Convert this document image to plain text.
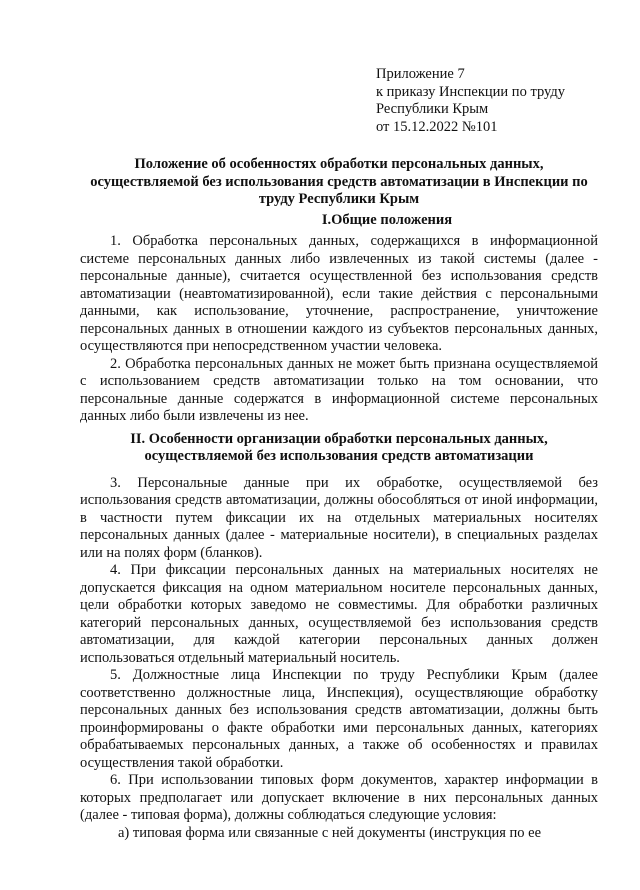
Приложение 7
к приказу Инспекции по труду
Республики Крым
от 15.12.2022 №101
Положение об особенностях обработки персональных данных, осуществляемой без использования средств автоматизации в Инспекции по труду Республики Крым
I.Общие положения

1. Обработка персональных данных, содержащихся в информационной системе персональных данных либо извлеченных из такой системы (далее - персональные данные), считается осуществленной без использования средств автоматизации (неавтоматизированной), если такие действия с персональными данными, как использование, уточнение, распространение, уничтожение персональных данных в отношении каждого из субъектов персональных данных, осуществляются при непосредственном участии человека.

2. Обработка персональных данных не может быть признана осуществляемой с использованием средств автоматизации только на том основании, что персональные данные содержатся в информационной системе персональных данных либо были извлечены из нее.

II. Особенности организации обработки персональных данных, осуществляемой без использования средств автоматизации

3. Персональные данные при их обработке, осуществляемой без использования средств автоматизации, должны обособляться от иной информации, в частности путем фиксации их на отдельных материальных носителях персональных данных (далее - материальные носители), в специальных разделах или на полях форм (бланков).

4. При фиксации персональных данных на материальных носителях не допускается фиксация на одном материальном носителе персональных данных, цели обработки которых заведомо не совместимы. Для обработки различных категорий персональных данных, осуществляемой без использования средств автоматизации, для каждой категории персональных данных должен использоваться отдельный материальный носитель.

5. Должностные лица Инспекции по труду Республики Крым (далее соответственно должностные лица, Инспекция), осуществляющие обработку персональных данных без использования средств автоматизации, должны быть проинформированы о факте обработки ими персональных данных, категориях обрабатываемых персональных данных, а также об особенностях и правилах осуществления такой обработки.

6. При использовании типовых форм документов, характер информации в которых предполагает или допускает включение в них персональных данных (далее - типовая форма), должны соблюдаться следующие условия:

а) типовая форма или связанные с ней документы (инструкция по ее
